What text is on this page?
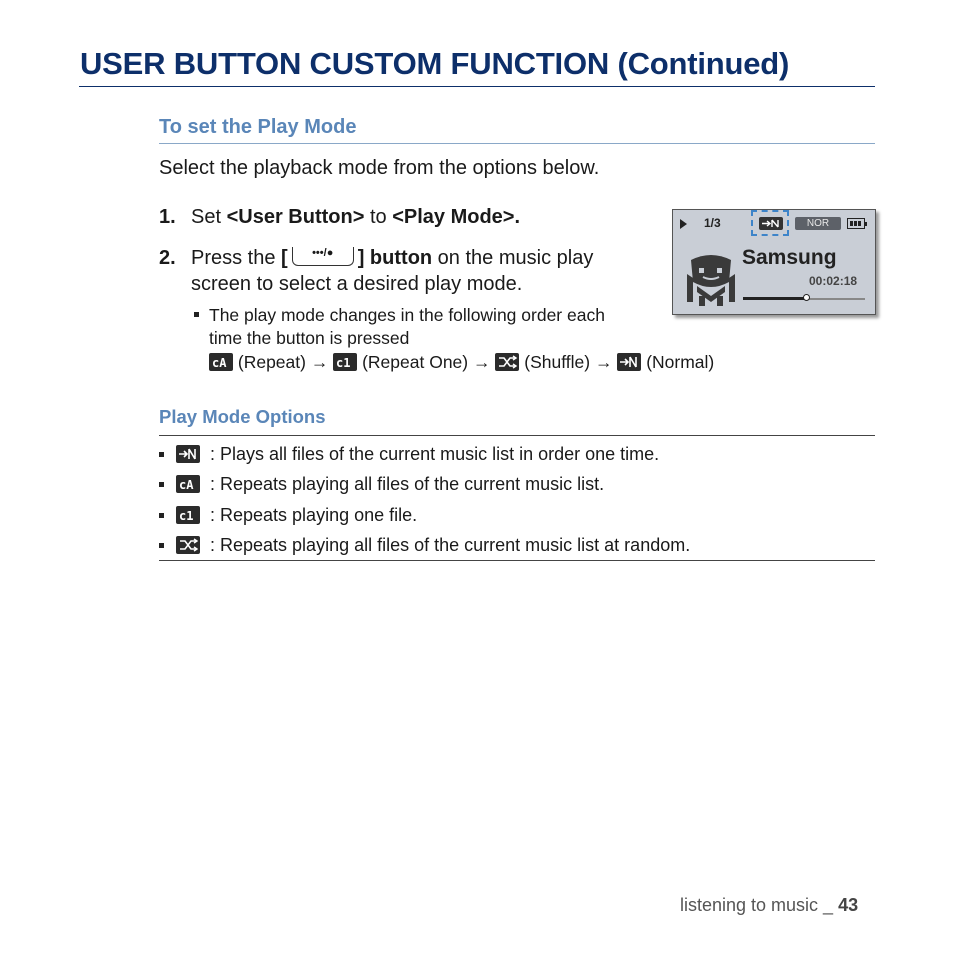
USER BUTTON CUSTOM FUNCTION (Continued)
To set the Play Mode
Select the playback mode from the options below.
1. Set <User Button> to <Play Mode>.
2. Press the [	•••/●	] button on the music play
screen to select a desired play mode.
The play mode changes in the following order each
time the button is pressed
cA (Repeat) → c1 (Repeat One) → (Shuffle) → (Normal)
1/3	NOR
Samsung
00:02:18
Play Mode Options
: Plays all files of the current music list in order one time.
cA : Repeats playing all files of the current music list.
c1 : Repeats playing one file.
: Repeats playing all files of the current music list at random.
listening to music _ 43
